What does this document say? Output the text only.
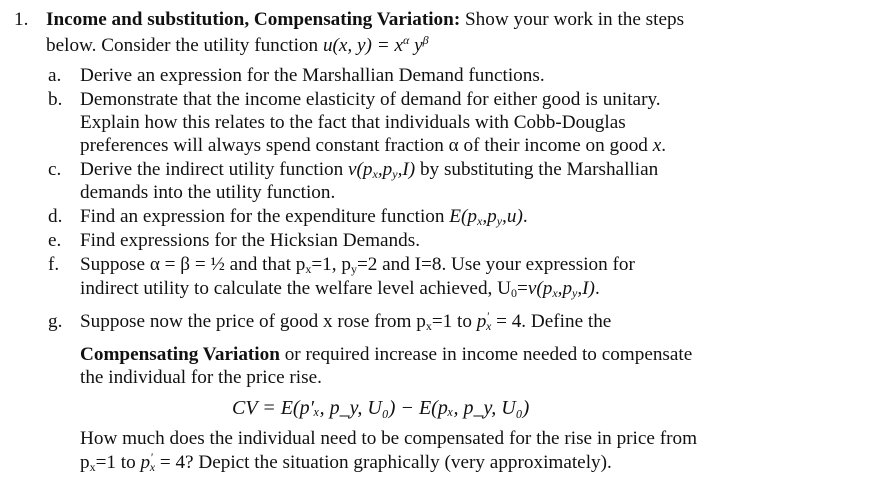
1. Income and substitution, Compensating Variation: Show your work in the steps
below. Consider the utility function u(x, $y) = x^\alpha$ $y^\beta$
a. Derive an expression for the Marshallian Demand functions.
b. Demonstrate that the income elasticity of demand for either good is unitary.
Explain how this relates to the fact that individuals with Cobb-Douglas
preferences will always spend constant fraction α of their income on good x.
c. Derive the indirect utility function $v(p_x,p_y,I)$ by substituting the Marshallian
demands into the utility function.
d. Find an expression for the expenditure function $E(p_x,p_y,u)$.
e. Find expressions for the Hicksian Demands.
f. Suppose α = β = ½ and that $p_x=1$, $p_y=2$ and I=8. Use your expression for
indirect utility to calculate the welfare level achieved, $U_0=v(p_x,p_y,I)$.
g. Suppose now the price of good x rose from $p_x=1$ to $p'_x = 4$. Define the
Compensating Variation or required increase in income needed to compensate
the individual for the price rise.
CV = E(p′ₓ, p_y, U₀) − E(pₓ, p_y, U₀)
How much does the individual need to be compensated for the rise in price from
$p_x=1$ to $p'_x = 4$? Depict the situation graphically (very approximately).
